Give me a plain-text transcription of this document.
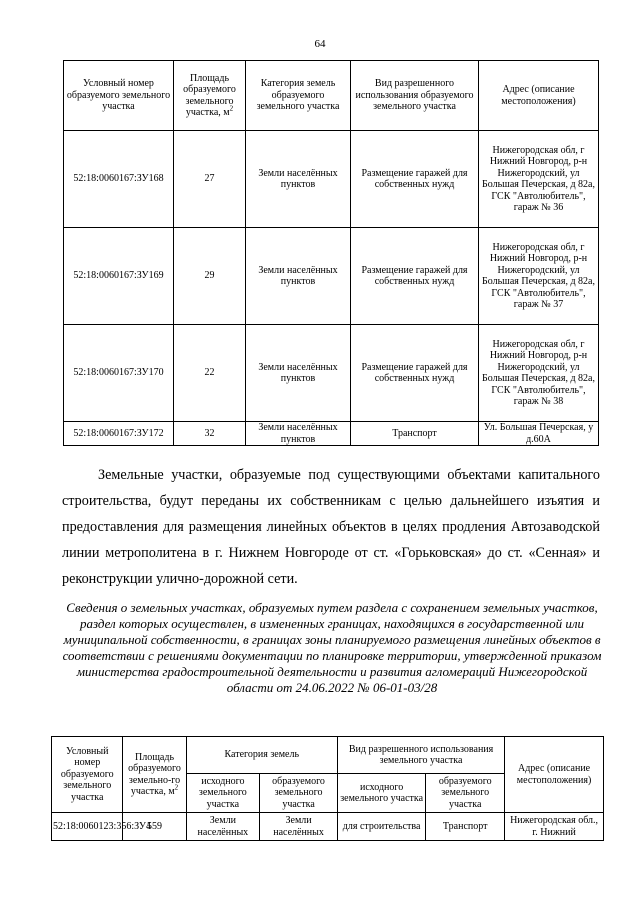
64
Условный номер образуемого земельного участка	Площадь образуемого земельного участка, $м^2$	Категория земель образуемого земельного участка	Вид разрешенного использования образуемого земельного участка	Адрес (описание местоположения)
52:18:0060167:ЗУ168	27	Земли населённых пунктов	Размещение гаражей для собственных нужд	Нижегородская обл, г Нижний Новгород, р-н Нижегородский, ул Большая Печерская, д 82а, ГСК "Автолюбитель", гараж № 36
52:18:0060167:ЗУ169	29	Земли населённых пунктов	Размещение гаражей для собственных нужд	Нижегородская обл, г Нижний Новгород, р-н Нижегородский, ул Большая Печерская, д 82а, ГСК "Автолюбитель", гараж № 37
52:18:0060167:ЗУ170	22	Земли населённых пунктов	Размещение гаражей для собственных нужд	Нижегородская обл, г Нижний Новгород, р-н Нижегородский, ул Большая Печерская, д 82а, ГСК "Автолюбитель", гараж № 38
52:18:0060167:ЗУ172	32	Земли населённых пунктов	Транспорт	Ул. Большая Печерская, у д.60А
Земельные участки, образуемые под существующими объектами капитального строительства, будут переданы их собственникам с целью дальнейшего изъятия и предоставления для размещения линейных объектов в целях продления Автозаводской линии метрополитена в г. Нижнем Новгороде от ст. «Горьковская» до ст. «Сенная» и реконструкции улично-дорожной сети.
Сведения о земельных участках, образуемых путем раздела с сохранением земельных участков, раздел которых осуществлен, в измененных границах, находящихся в государственной или муниципальной собственности, в границах зоны планируемого размещения линейных объектов в соответствии с решениями документации по планировке территории, утвержденной приказом министерства градостроительной деятельности и развития агломераций Нижегородской области от 24.06.2022 № 06-01-03/28
Условный номер образуемого земельного участка	Площадь образуемого земельно-го участка, $м^2$	Категория земель		Вид разрешенного использования земельного участка		Адрес (описание местоположения)
		исходного земельного участка	образуемого земельного участка	исходного земельного участка	образуемого земельного участка	
52:18:0060123:356:ЗУ4	559	Земли населённых	Земли населённых	для строительства	Транспорт	Нижегородская обл., г. Нижний
